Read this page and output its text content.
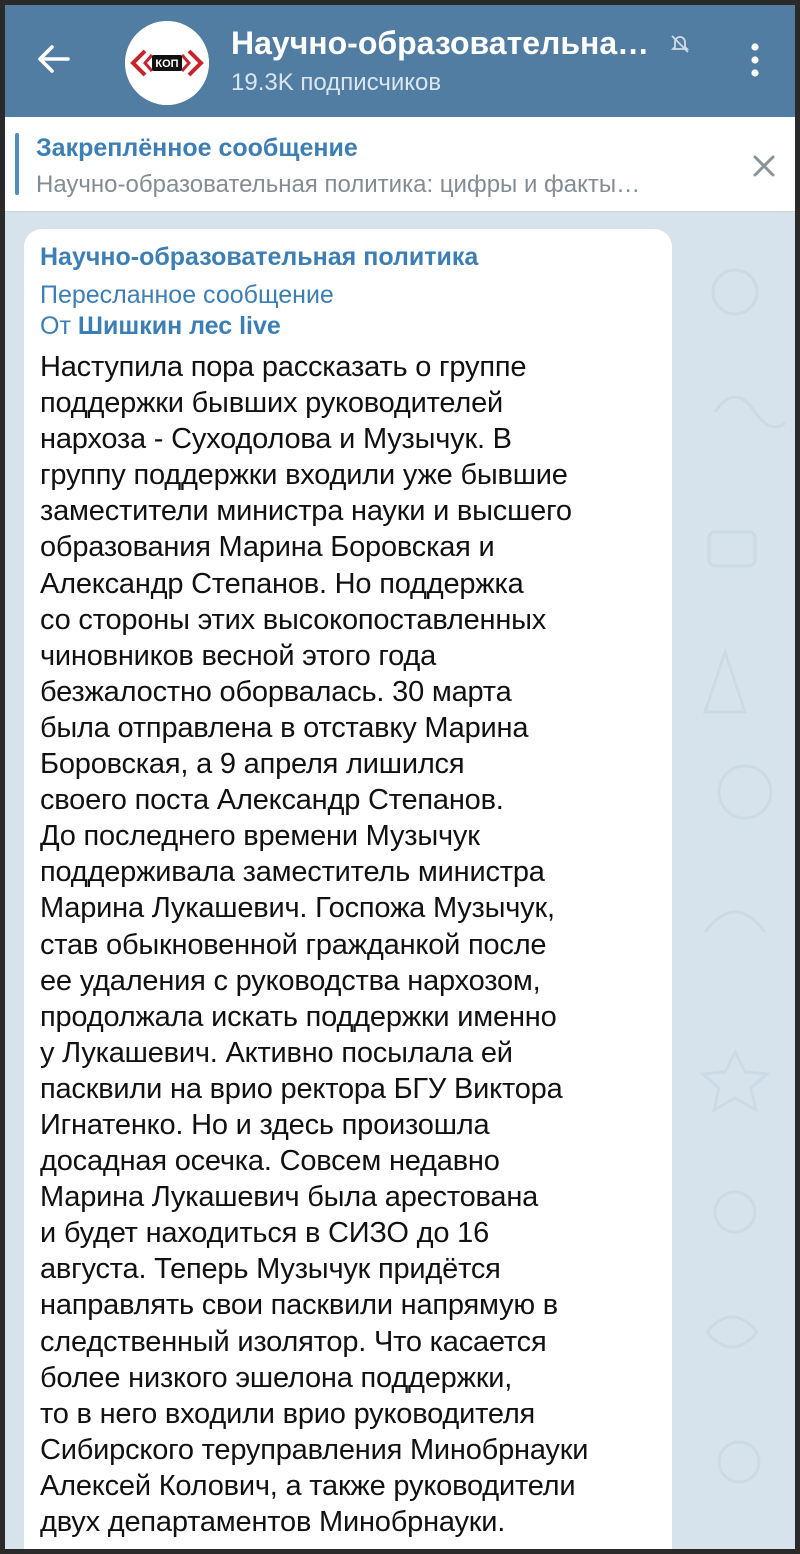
КОП
Научно-образовательна…
19.3K подписчиков
Закреплённое сообщение
Научно-образовательная политика: цифры и факты…
Научно-образовательная политика
Пересланное сообщение
От Шишкин лес live
Наступила пора рассказать о группе
поддержки бывших руководителей
нархоза - Суходолова и Музычук. В
группу поддержки входили уже бывшие
заместители министра науки и высшего
образования Марина Боровская и
Александр Степанов. Но поддержка
со стороны этих высокопоставленных
чиновников весной этого года
безжалостно оборвалась. 30 марта
была отправлена в отставку Марина
Боровская, а 9 апреля лишился
своего поста Александр Степанов.
До последнего времени Музычук
поддерживала заместитель министра
Марина Лукашевич. Госпожа Музычук,
став обыкновенной гражданкой после
ее удаления с руководства нархозом,
продолжала искать поддержки именно
у Лукашевич. Активно посылала ей
пасквили на врио ректора БГУ Виктора
Игнатенко. Но и здесь произошла
досадная осечка. Совсем недавно
Марина Лукашевич была арестована
и будет находиться в СИЗО до 16
августа. Теперь Музычук придётся
направлять свои пасквили напрямую в
следственный изолятор. Что касается
более низкого эшелона поддержки,
то в него входили врио руководителя
Сибирского теруправления Минобрнауки
Алексей Колович, а также руководители
двух департаментов Минобрнауки.
